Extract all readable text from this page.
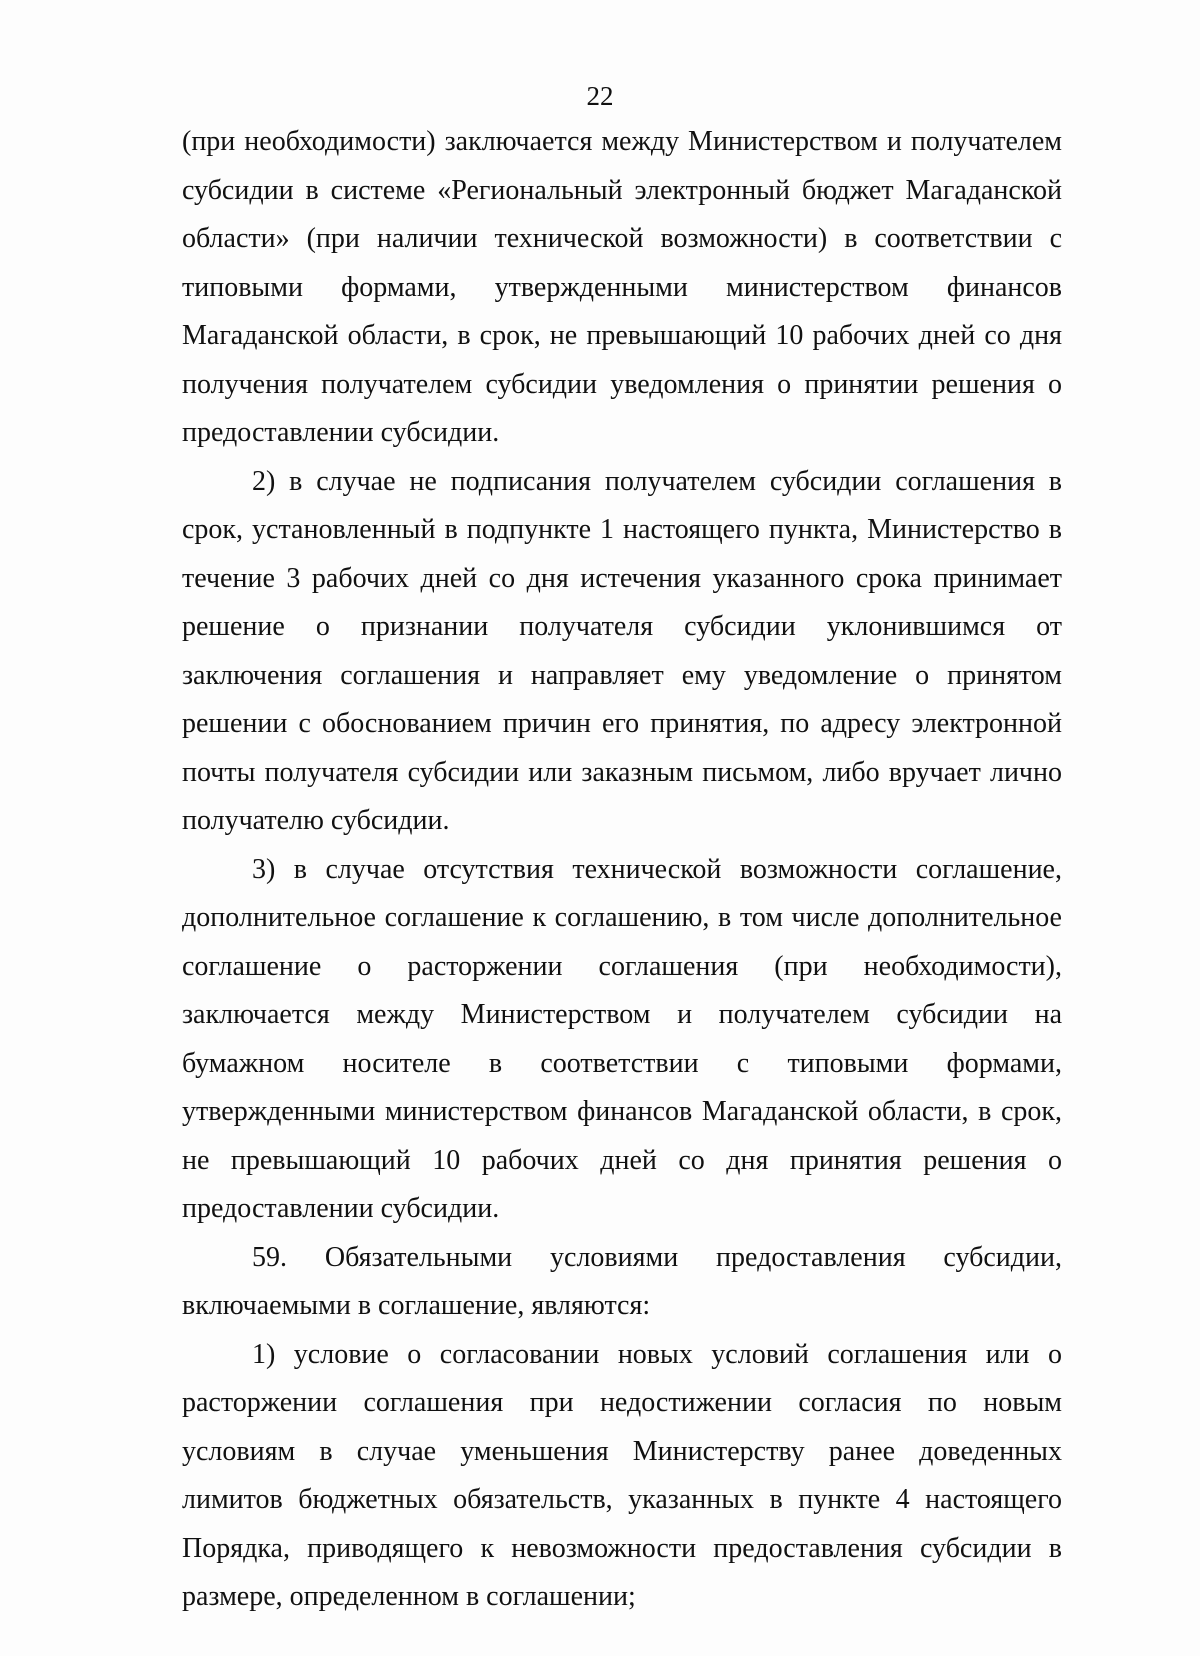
22

(при необходимости) заключается между Министерством и получателем субсидии в системе «Региональный электронный бюджет Магаданской области» (при наличии технической возможности) в соответствии с типовыми формами, утвержденными министерством финансов Магаданской области, в срок, не превышающий 10 рабочих дней со дня получения получателем субсидии уведомления о принятии решения о предоставлении субсидии.

2) в случае не подписания получателем субсидии соглашения в срок, установленный в подпункте 1 настоящего пункта, Министерство в течение 3 рабочих дней со дня истечения указанного срока принимает решение о признании получателя субсидии уклонившимся от заключения соглашения и направляет ему уведомление о принятом решении с обоснованием причин его принятия, по адресу электронной почты получателя субсидии или заказным письмом, либо вручает лично получателю субсидии.

3) в случае отсутствия технической возможности соглашение, дополнительное соглашение к соглашению, в том числе дополнительное соглашение о расторжении соглашения (при необходимости), заключается между Министерством и получателем субсидии на бумажном носителе в соответствии с типовыми формами, утвержденными министерством финансов Магаданской области, в срок, не превышающий 10 рабочих дней со дня принятия решения о предоставлении субсидии.

59. Обязательными условиями предоставления субсидии, включаемыми в соглашение, являются:

1) условие о согласовании новых условий соглашения или о расторжении соглашения при недостижении согласия по новым условиям в случае уменьшения Министерству ранее доведенных лимитов бюджетных обязательств, указанных в пункте 4 настоящего Порядка, приводящего к невозможности предоставления субсидии в размере, определенном в соглашении;
